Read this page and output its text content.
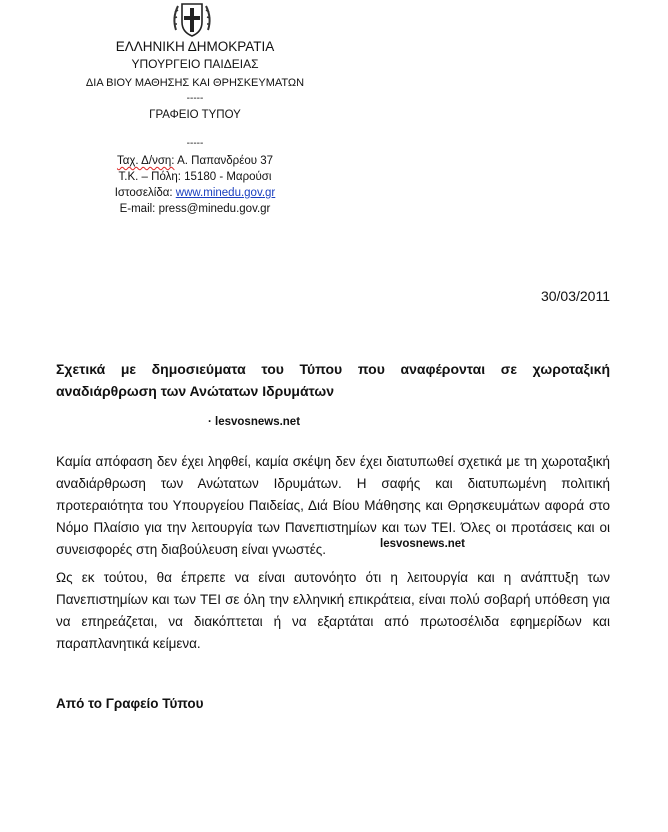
ΕΛΛΗΝΙΚΗ ΔΗΜΟΚΡΑΤΙΑ
ΥΠΟΥΡΓΕΙΟ ΠΑΙΔΕΙΑΣ
ΔΙΑ ΒΙΟΥ ΜΑΘΗΣΗΣ ΚΑΙ ΘΡΗΣΚΕΥΜΑΤΩΝ
-----
ΓΡΑΦΕΙΟ ΤΥΠΟΥ
-----
Ταχ. Δ/νση: Α. Παπανδρέου 37
Τ.Κ. – Πόλη: 15180 - Μαρούσι
Ιστοσελίδα: www.minedu.gov.gr
E-mail: press@minedu.gov.gr
30/03/2011
Σχετικά με δημοσιεύματα του Τύπου που αναφέρονται σε χωροταξική
αναδιάρθρωση των Ανώτατων Ιδρυμάτων
· lesvosnews.net
Καμία απόφαση δεν έχει ληφθεί, καμία σκέψη δεν έχει διατυπωθεί σχετικά με τη χωροταξική αναδιάρθρωση των Ανώτατων Ιδρυμάτων. Η σαφής και διατυπωμένη πολιτική προτεραιότητα του Υπουργείου Παιδείας, Διά Βίου Μάθησης και Θρησκευμάτων αφορά στο Νόμο Πλαίσιο για την λειτουργία των Πανεπιστημίων και των ΤΕΙ. Όλες οι προτάσεις και οι συνεισφορές στη διαβούλευση είναι γνωστές.	lesvosnews.net
Ως εκ τούτου, θα έπρεπε να είναι αυτονόητο ότι η λειτουργία και η ανάπτυξη των Πανεπιστημίων και των ΤΕΙ σε όλη την ελληνική επικράτεια, είναι πολύ σοβαρή υπόθεση για να επηρεάζεται, να διακόπτεται ή να εξαρτάται από πρωτοσέλιδα εφημερίδων και παραπλανητικά κείμενα.
Από το Γραφείο Τύπου
